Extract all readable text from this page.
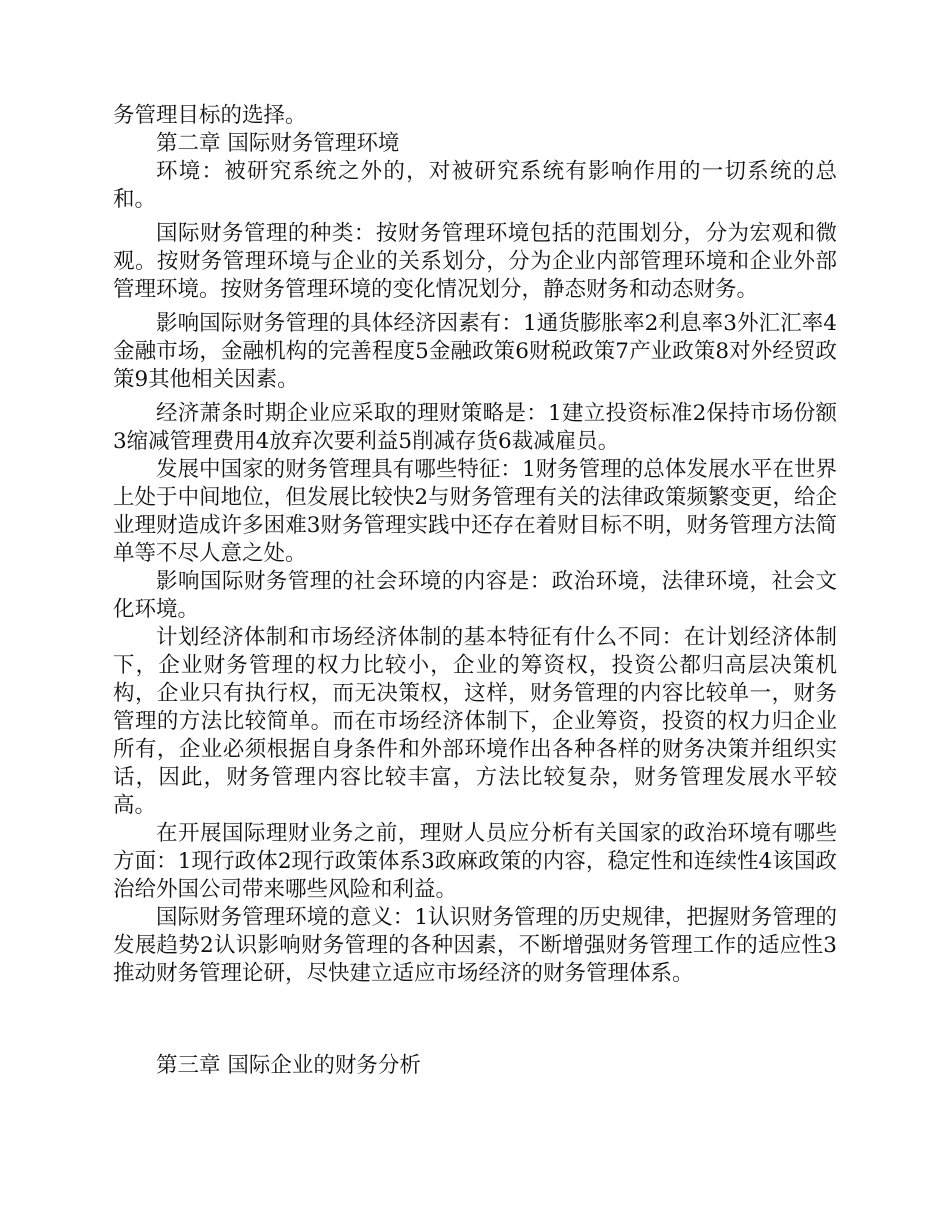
务管理目标的选择。

第二章 国际财务管理环境

环境：被研究系统之外的，对被研究系统有影响作用的一切系统的总和。

国际财务管理的种类：按财务管理环境包括的范围划分，分为宏观和微观。按财务管理环境与企业的关系划分，分为企业内部管理环境和企业外部管理环境。按财务管理环境的变化情况划分，静态财务和动态财务。

影响国际财务管理的具体经济因素有：1通货膨胀率2利息率3外汇汇率4金融市场，金融机构的完善程度5金融政策6财税政策7产业政策8对外经贸政策9其他相关因素。

经济萧条时期企业应采取的理财策略是：1建立投资标准2保持市场份额3缩减管理费用4放弃次要利益5削减存货6裁减雇员。

发展中国家的财务管理具有哪些特征：1财务管理的总体发展水平在世界上处于中间地位，但发展比较快2与财务管理有关的法律政策频繁变更，给企业理财造成许多困难3财务管理实践中还存在着财目标不明，财务管理方法简单等不尽人意之处。

影响国际财务管理的社会环境的内容是：政治环境，法律环境，社会文化环境。

计划经济体制和市场经济体制的基本特征有什么不同：在计划经济体制下，企业财务管理的权力比较小，企业的筹资权，投资公都归高层决策机构，企业只有执行权，而无决策权，这样，财务管理的内容比较单一，财务管理的方法比较简单。而在市场经济体制下，企业筹资，投资的权力归企业所有，企业必须根据自身条件和外部环境作出各种各样的财务决策并组织实话，因此，财务管理内容比较丰富，方法比较复杂，财务管理发展水平较高。

在开展国际理财业务之前，理财人员应分析有关国家的政治环境有哪些方面：1现行政体2现行政策体系3政麻政策的内容，稳定性和连续性4该国政治给外国公司带来哪些风险和利益。

国际财务管理环境的意义：1认识财务管理的历史规律，把握财务管理的发展趋势2认识影响财务管理的各种因素，不断增强财务管理工作的适应性3推动财务管理论研，尽快建立适应市场经济的财务管理体系。

第三章 国际企业的财务分析
